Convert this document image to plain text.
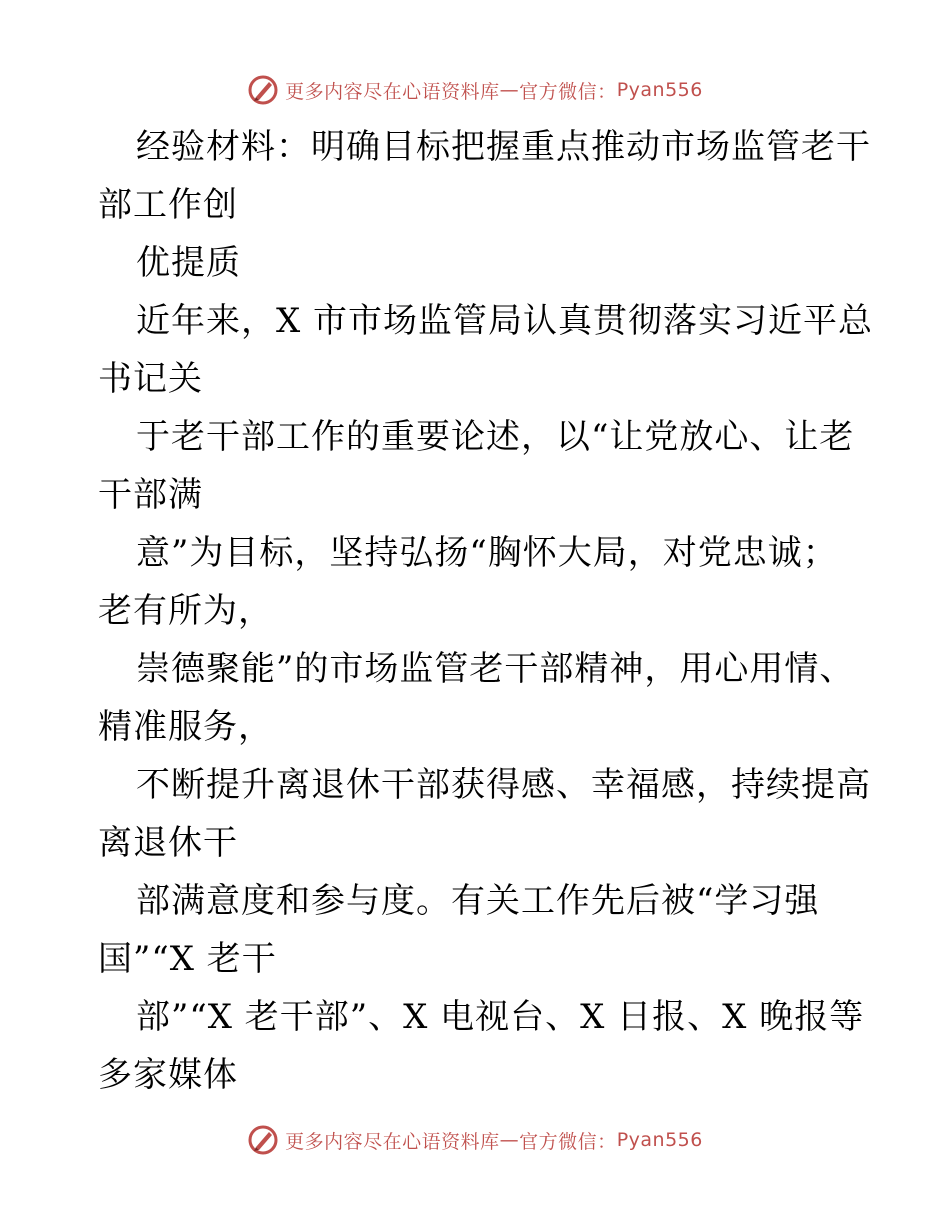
更多内容尽在心语资料库 — 官方微信： Pyan556
经验材料：明确目标把握重点推动市场监管老干
部工作创
优提质
近年来，X 市市场监管局认真贯彻落实习近平总
书记关
于老干部工作的重要论述，以“让党放心、让老
干部满
意”为目标，坚持弘扬“胸怀大局，对党忠诚；
老有所为，
崇德聚能”的市场监管老干部精神，用心用情、
精准服务，
不断提升离退休干部获得感、幸福感，持续提高
离退休干
部满意度和参与度。有关工作先后被“学习强
国”“X 老干
部”“X 老干部”、X 电视台、X 日报、X 晚报等
多家媒体
更多内容尽在心语资料库 — 官方微信： Pyan556
